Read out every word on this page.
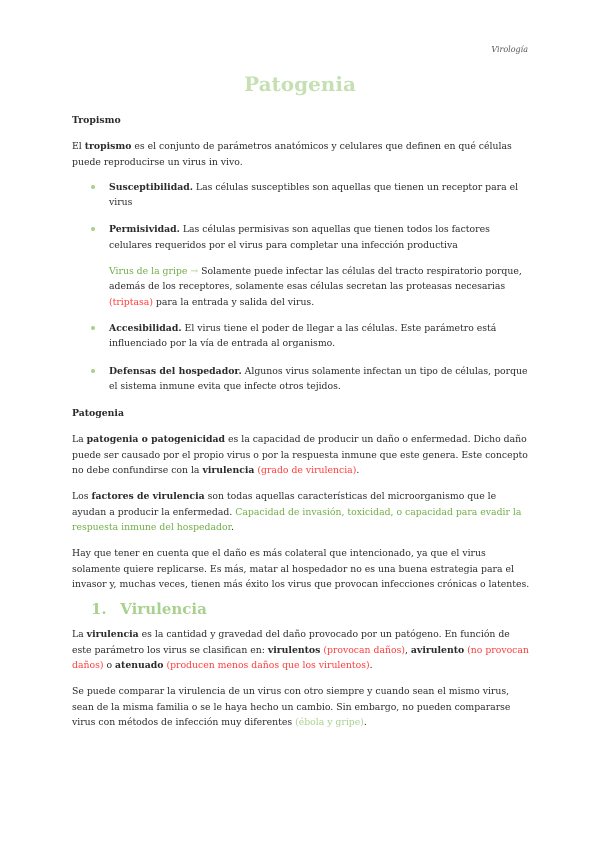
Virología
Patogenia

Tropismo

El tropismo es el conjunto de parámetros anatómicos y celulares que definen en qué células puede reproducirse un virus in vivo.

Susceptibilidad. Las células susceptibles son aquellas que tienen un receptor para el virus
Permisividad. Las células permisivas son aquellas que tienen todos los factores celulares requeridos por el virus para completar una infección productiva

Virus de la gripe → Solamente puede infectar las células del tracto respiratorio porque, además de los receptores, solamente esas células secretan las proteasas necesarias (triptasa) para la entrada y salida del virus.

Accesibilidad. El virus tiene el poder de llegar a las células. Este parámetro está influenciado por la vía de entrada al organismo.
Defensas del hospedador. Algunos virus solamente infectan un tipo de células, porque el sistema inmune evita que infecte otros tejidos.

Patogenia

La patogenia o patogenicidad es la capacidad de producir un daño o enfermedad. Dicho daño puede ser causado por el propio virus o por la respuesta inmune que este genera. Este concepto no debe confundirse con la virulencia (grado de virulencia).

Los factores de virulencia son todas aquellas características del microorganismo que le ayudan a producir la enfermedad. Capacidad de invasión, toxicidad, o capacidad para evadir la respuesta inmune del hospedador.

Hay que tener en cuenta que el daño es más colateral que intencionado, ya que el virus solamente quiere replicarse. Es más, matar al hospedador no es una buena estrategia para el invasor y, muchas veces, tienen más éxito los virus que provocan infecciones crónicas o latentes.

1. Virulencia

La virulencia es la cantidad y gravedad del daño provocado por un patógeno. En función de este parámetro los virus se clasifican en: virulentos (provocan daños), avirulento (no provocan daños) o atenuado (producen menos daños que los virulentos).

Se puede comparar la virulencia de un virus con otro siempre y cuando sean el mismo virus, sean de la misma familia o se le haya hecho un cambio. Sin embargo, no pueden compararse virus con métodos de infección muy diferentes (ébola y gripe).
